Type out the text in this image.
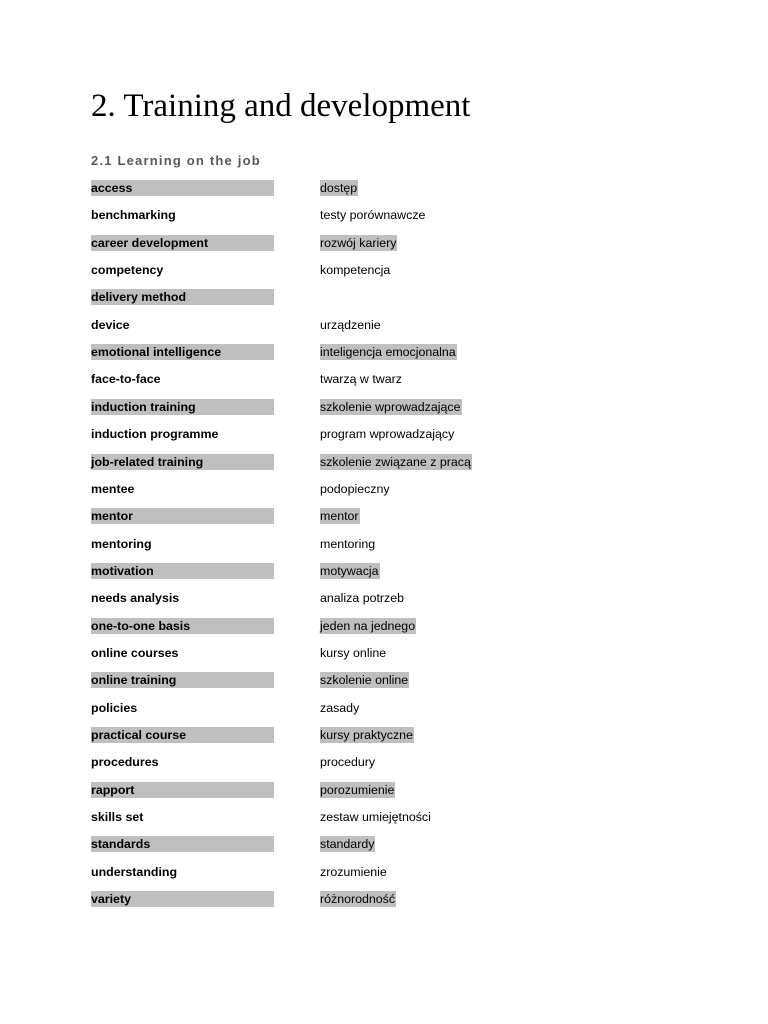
2. Training and development
2.1 Learning on the job
access	dostęp
benchmarking	testy porównawcze
career development	rozwój kariery
competency	kompetencja
delivery method
device	urządzenie
emotional intelligence	inteligencja emocjonalna
face-to-face	twarzą w twarz
induction training	szkolenie wprowadzające
induction programme	program wprowadzający
job-related training	szkolenie związane z pracą
mentee	podopieczny
mentor	mentor
mentoring	mentoring
motivation	motywacja
needs analysis	analiza potrzeb
one-to-one basis	jeden na jednego
online courses	kursy online
online training	szkolenie online
policies	zasady
practical course	kursy praktyczne
procedures	procedury
rapport	porozumienie
skills set	zestaw umiejętności
standards	standardy
understanding	zrozumienie
variety	różnorodność
